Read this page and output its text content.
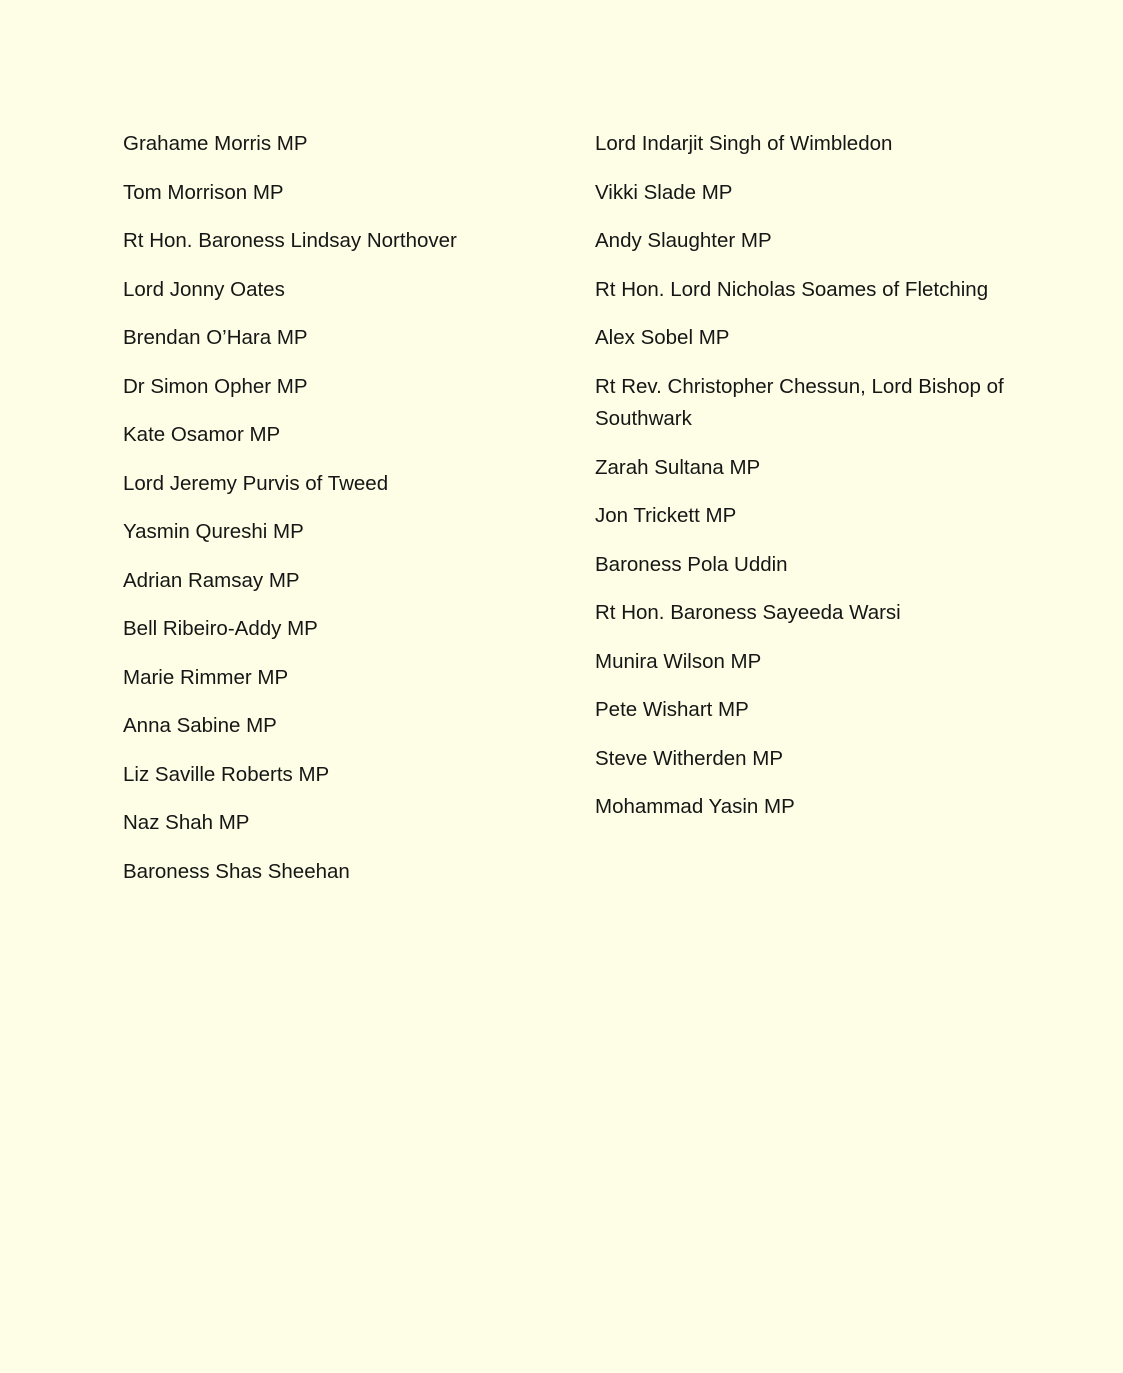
Grahame Morris MP
Tom Morrison MP
Rt Hon. Baroness Lindsay Northover
Lord Jonny Oates
Brendan O’Hara MP
Dr Simon Opher MP
Kate Osamor MP
Lord Jeremy Purvis of Tweed
Yasmin Qureshi MP
Adrian Ramsay MP
Bell Ribeiro-Addy MP
Marie Rimmer MP
Anna Sabine MP
Liz Saville Roberts MP
Naz Shah MP
Baroness Shas Sheehan
Lord Indarjit Singh of Wimbledon
Vikki Slade MP
Andy Slaughter MP
Rt Hon. Lord Nicholas Soames of Fletching
Alex Sobel MP
Rt Rev. Christopher Chessun, Lord Bishop of Southwark
Zarah Sultana MP
Jon Trickett MP
Baroness Pola Uddin
Rt Hon. Baroness Sayeeda Warsi
Munira Wilson MP
Pete Wishart MP
Steve Witherden MP
Mohammad Yasin MP
